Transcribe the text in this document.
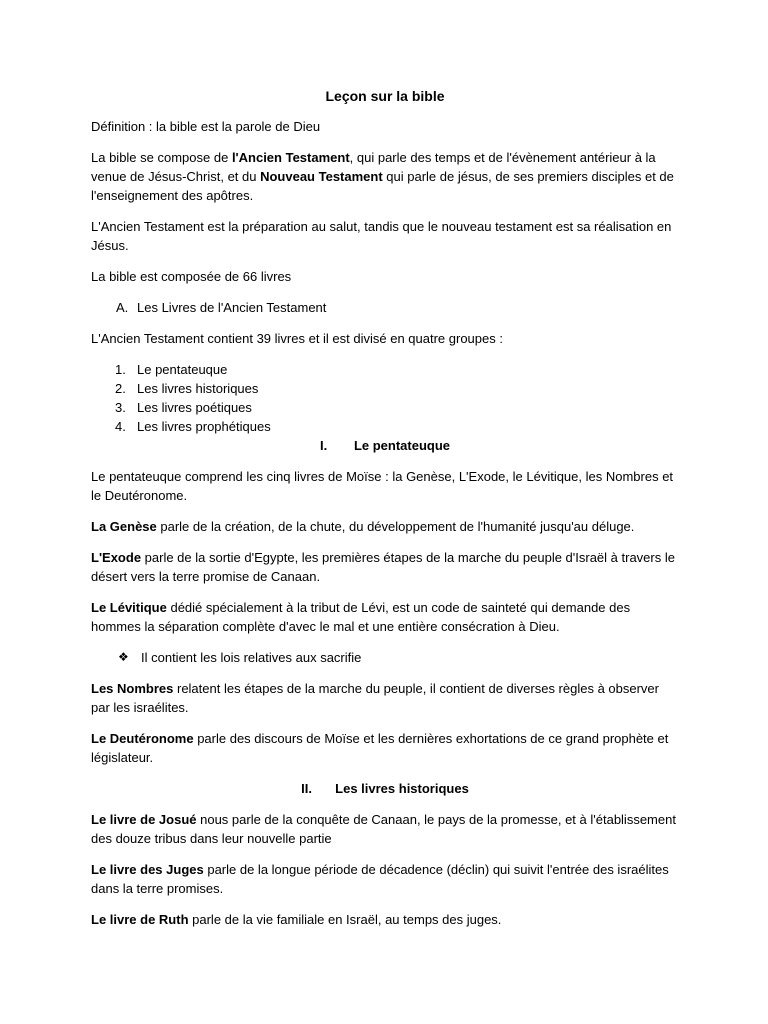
Leçon sur la bible

Définition : la bible est la parole de Dieu

La bible se compose de l'Ancien Testament, qui parle des temps et de l'évènement antérieur à la venue de Jésus-Christ, et du Nouveau Testament qui parle de jésus, de ses premiers disciples et de l'enseignement des apôtres.

L'Ancien Testament est la préparation au salut, tandis que le nouveau testament est sa réalisation en Jésus.

La bible est composée de 66 livres

A. Les Livres de l'Ancien Testament

L'Ancien Testament contient 39 livres et il est divisé en quatre groupes :

1. Le pentateuque
2. Les livres historiques
3. Les livres poétiques
4. Les livres prophétiques
I. Le pentateuque

Le pentateuque comprend les cinq livres de Moïse : la Genèse, L'Exode, le Lévitique, les Nombres et le Deutéronome.

La Genèse parle de la création, de la chute, du développement de l'humanité jusqu'au déluge.

L'Exode parle de la sortie d'Egypte, les premières étapes de la marche du peuple d'Israël à travers le désert vers la terre promise de Canaan.

Le Lévitique dédié spécialement à la tribut de Lévi, est un code de sainteté qui demande des hommes la séparation complète d'avec le mal et une entière consécration à Dieu.

❖ Il contient les lois relatives aux sacrifie

Les Nombres relatent les étapes de la marche du peuple, il contient de diverses règles à observer par les israélites.

Le Deutéronome parle des discours de Moïse et les dernières exhortations de ce grand prophète et législateur.

II. Les livres historiques

Le livre de Josué nous parle de la conquête de Canaan, le pays de la promesse, et à l'établissement des douze tribus dans leur nouvelle partie

Le livre des Juges parle de la longue période de décadence (déclin) qui suivit l'entrée des israélites dans la terre promises.

Le livre de Ruth parle de la vie familiale en Israël, au temps des juges.
